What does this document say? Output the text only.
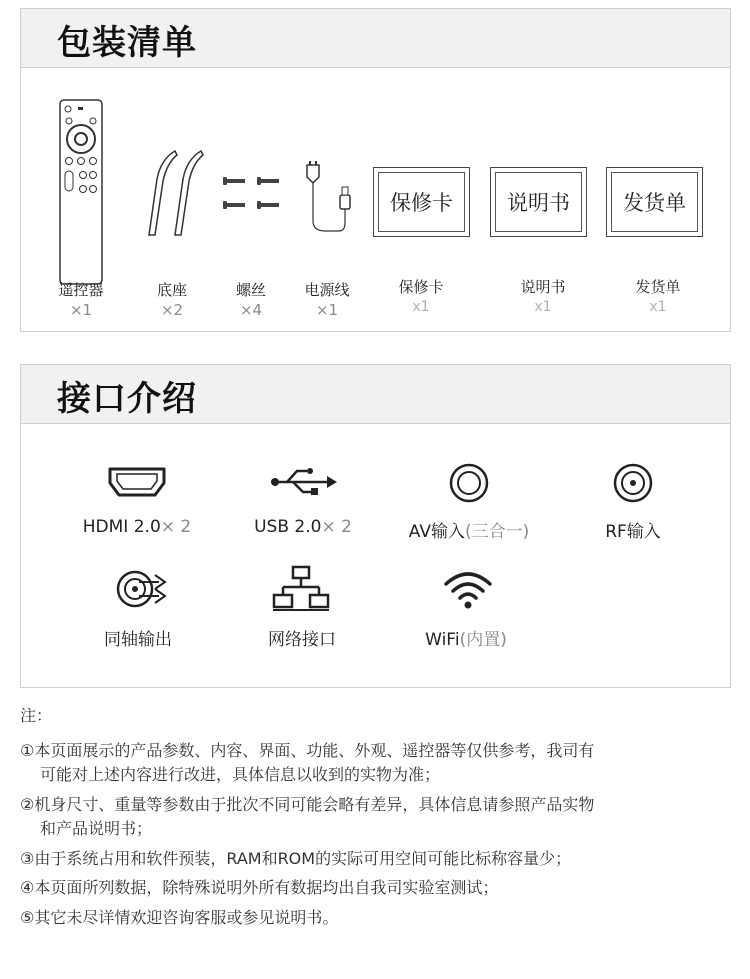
包装清单
保修卡	说明书	发货单
遥控器
×1
底座
×2
螺丝
×4
电源线
×1
保修卡
x1
说明书
x1
发货单
x1
接口介绍
HDMI 2.0× 2	USB 2.0× 2	AV输入(三合一)	RF输入
同轴输出	网络接口	WiFi(内置)
注：
①本页面展示的产品参数、内容、界面、功能、外观、遥控器等仅供参考，我司有
可能对上述内容进行改进，具体信息以收到的实物为准；
②机身尺寸、重量等参数由于批次不同可能会略有差异，具体信息请参照产品实物
和产品说明书；
③由于系统占用和软件预装，RAM和ROM的实际可用空间可能比标称容量少；
④本页面所列数据，除特殊说明外所有数据均出自我司实验室测试；
⑤其它未尽详情欢迎咨询客服或参见说明书。
